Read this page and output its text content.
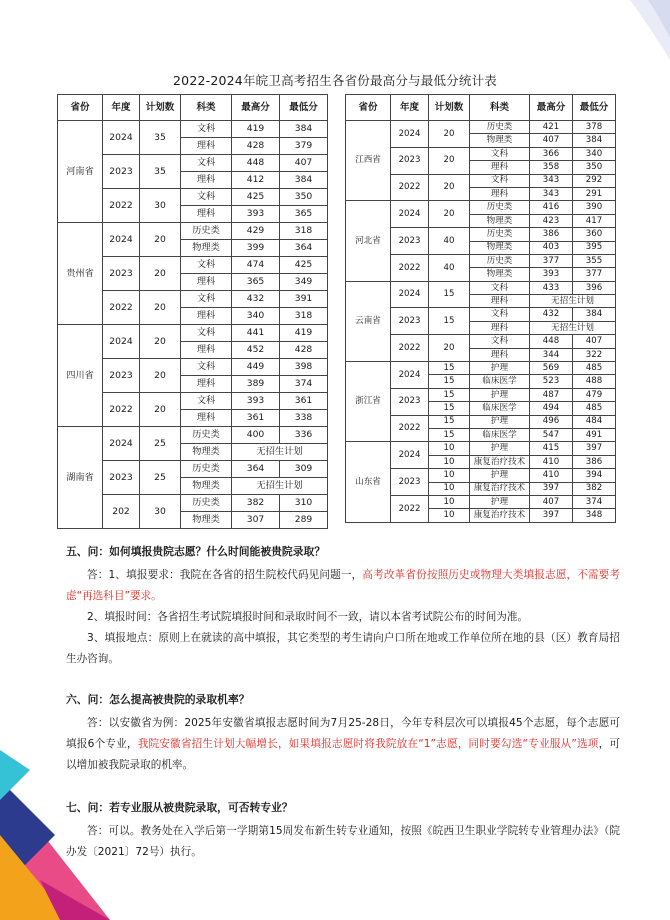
2022-2024年皖卫高考招生各省份最高分与最低分统计表
省份	年度	计划数	科类	最高分	最低分
河南省	2024	35	文科	419	384
			理科	428	379
	2023	35	文科	448	407
			理科	412	384
	2022	30	文科	425	350
			理科	393	365
贵州省	2024	20	历史类	429	318
			物理类	399	364
	2023	20	文科	474	425
			理科	365	349
	2022	20	文科	432	391
			理科	340	318
四川省	2024	20	文科	441	419
			理科	452	428
	2023	20	文科	449	398
			理科	389	374
	2022	20	文科	393	361
			理科	361	338
湖南省	2024	25	历史类	400	336
			物理类	无招生计划	
	2023	25	历史类	364	309
			物理类	无招生计划	
	202	30	历史类	382	310
			物理类	307	289
省份	年度	计划数	科类	最高分	最低分
江西省	2024	20	历史类	421	378
			物理类	407	384
	2023	20	文科	366	340
			理科	358	350
	2022	20	文科	343	292
			理科	343	291
河北省	2024	20	历史类	416	390
			物理类	423	417
	2023	40	历史类	386	360
			物理类	403	395
	2022	40	历史类	377	355
			物理类	393	377
云南省	2024	15	文科	433	396
			理科	无招生计划	
	2023	15	文科	432	384
			理科	无招生计划	
	2022	20	文科	448	407
			理科	344	322
浙江省	2024	15	护理	569	485
		15	临床医学	523	488
	2023	15	护理	487	479
		15	临床医学	494	485
	2022	15	护理	496	484
		15	临床医学	547	491
山东省	2024	10	护理	415	397
		10	康复治疗技术	410	386
	2023	10	护理	410	394
		10	康复治疗技术	397	382
	2022	10	护理	407	374
		10	康复治疗技术	397	348
五、问：如何填报贵院志愿？什么时间能被贵院录取？

答：1、填报要求：我院在各省的招生院校代码见问题一，高考改革省份按照历史或物理大类填报志愿，不需要考虑“再选科目”要求。

2、填报时间：各省招生考试院填报时间和录取时间不一致，请以本省考试院公布的时间为准。

3、填报地点：原则上在就读的高中填报，其它类型的考生请向户口所在地或工作单位所在地的县（区）教育局招生办咨询。

六、问：怎么提高被贵院的录取机率？

答：以安徽省为例：2025年安徽省填报志愿时间为7月25-28日，今年专科层次可以填报45个志愿，每个志愿可填报6个专业，我院安徽省招生计划大幅增长，如果填报志愿时将我院放在“1”志愿，同时要勾选“专业服从”选项，可以增加被我院录取的机率。

七、问：若专业服从被贵院录取，可否转专业？

答：可以。教务处在入学后第一学期第15周发布新生转专业通知，按照《皖西卫生职业学院转专业管理办法》（院办发〔2021〕72号）执行。
